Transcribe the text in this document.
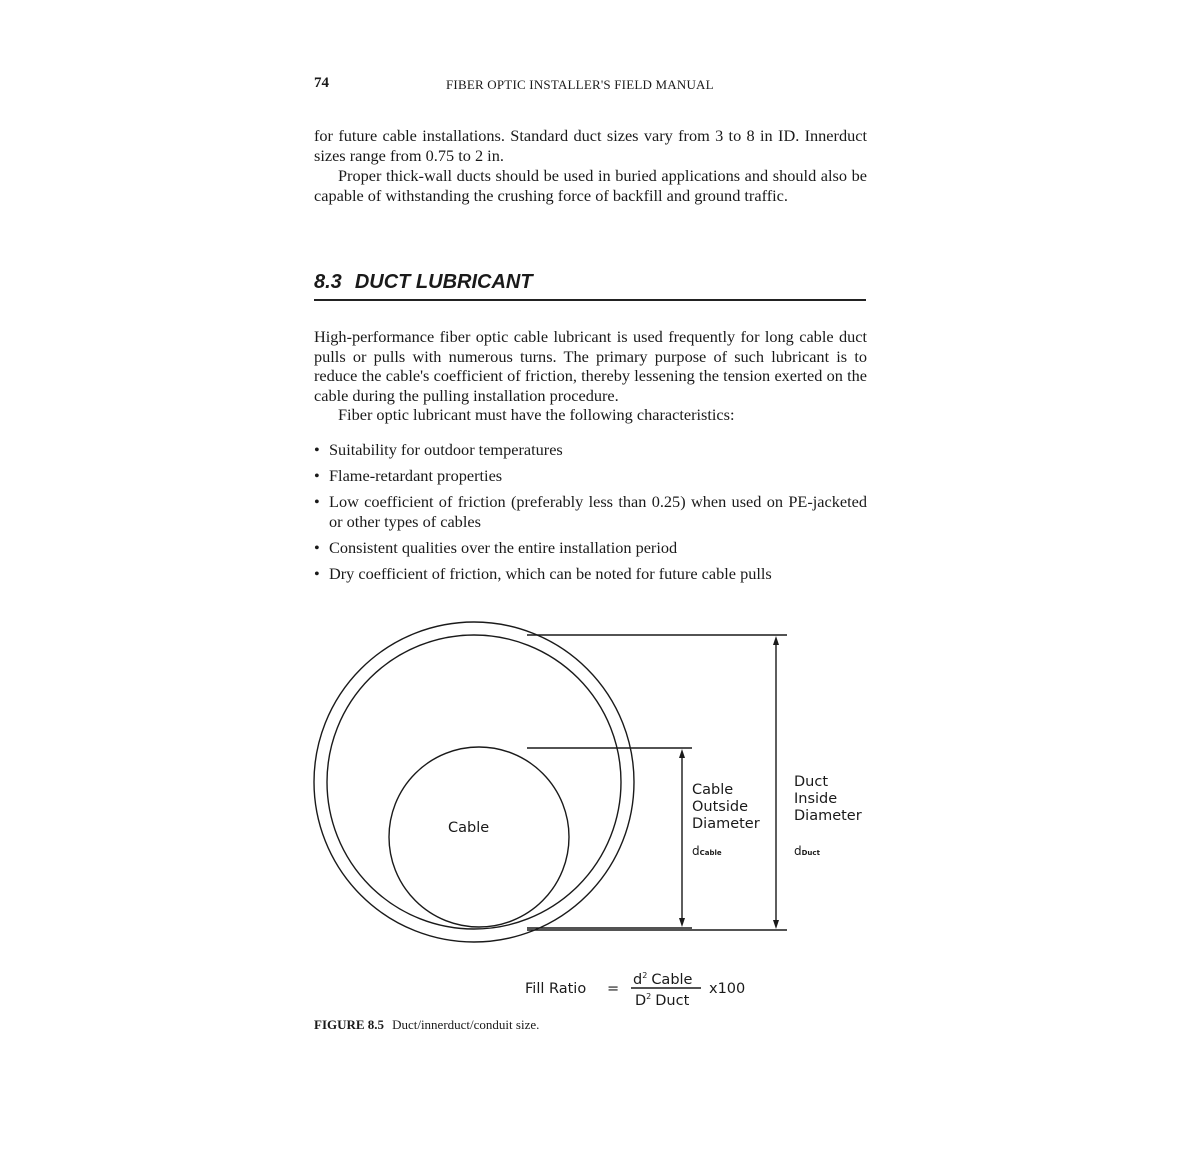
74	FIBER OPTIC INSTALLER'S FIELD MANUAL

for future cable installations. Standard duct sizes vary from 3 to 8 in ID. Innerduct sizes range from 0.75 to 2 in.

Proper thick-wall ducts should be used in buried applications and should also be capable of withstanding the crushing force of backfill and ground traffic.

8.3 DUCT LUBRICANT

High-performance fiber optic cable lubricant is used frequently for long cable duct pulls or pulls with numerous turns. The primary purpose of such lubricant is to reduce the cable's coefficient of friction, thereby lessening the tension exerted on the cable during the pulling installation procedure.

Fiber optic lubricant must have the following characteristics:

• Suitability for outdoor temperatures
• Flame-retardant properties
• Low coefficient of friction (preferably less than 0.25) when used on PE-jacketed or other types of cables
• Consistent qualities over the entire installation period
• Dry coefficient of friction, which can be noted for future cable pulls
Cable
Cable
Outside
Diameter
Duct
Inside
Diameter
dCable	dDuct
Fill Ratio =
$d^2$ Cable
$D^2$ Duct
x100
FIGURE 8.5 Duct/innerduct/conduit size.
